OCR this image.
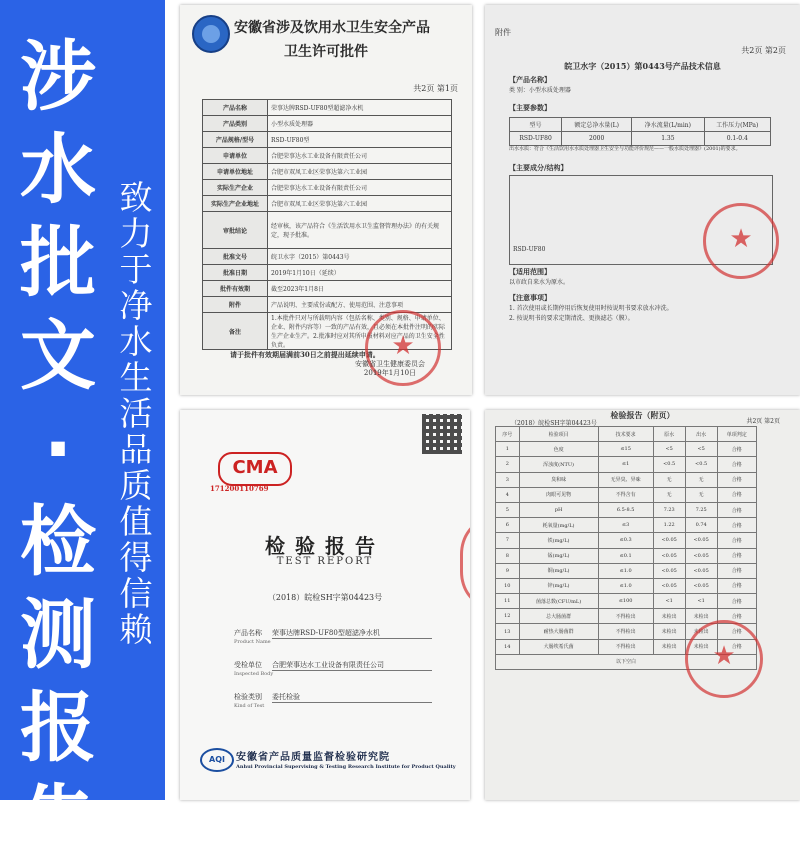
涉
水
批
文
·
检
测
报
告
致
力
于
净
水
生
活
品
质
值
得
信
赖
安徽省涉及饮用水卫生安全产品
卫生许可批件
共2页 第1页
产品名称	荣事达牌RSD-UF80型超滤净水机
产品类别	小型水质处理器
产品规格/型号	RSD-UF80型
申请单位	合肥荣事达水工业设备有限责任公司
申请单位地址	合肥市双凤工业区荣事达第六工业园
实际生产企业	合肥荣事达水工业设备有限责任公司
实际生产企业地址	合肥市双凤工业区荣事达第六工业园
审批结论	经审核，该产品符合《生活饮用水卫生监督管理办法》的有关规定，现予批准。
批准文号	皖卫水字（2015）第0443号
批准日期	2019年1月10日（延续）
批件有效期	截至2023年1月8日
附件	产品说明、主要成份或配方、使用范围、注意事项
备注	1.本批件只对与所载明内容（包括名称、类别、规格、申请单位、企业、附件内容等）一致的产品有效，且必须在本批件注明的实际生产企业生产。2.批准时应对其所申报材料对应产品的卫生安全性负责。
请于批件有效期届满前30日之前提出延续申请。
★
安徽省卫生健康委员会
2019年1月10日
附件
共2页 第2页
皖卫水字（2015）第0443号产品技术信息
【产品名称】
类 别：小型水质处理器
【主要参数】
型号	额定总净水量(L)	净水流量(L/min)	工作压力(MPa)
RSD-UF80	2000	1.35	0.1-0.4
出水水质：符合《生活饮用水水质处理器卫生安全与功能评价规范——一般水质处理器》(2001)的要求。
【主要成分/结构】
RSD-UF80
★
【适用范围】
以市政自来水为原水。
【注意事项】
1. 首次使用或长期停用后恢复使用时按说明书要求放水冲洗。
2. 按说明书的要求定期清洗、更换滤芯（膜）。
CMA
171200110769
检验报告
TEST REPORT
（2018）皖检SH字第04423号
产品名称
Product Name
荣事达牌RSD-UF80型超滤净水机
受检单位
Inspected Body
合肥荣事达水工业设备有限责任公司
检验类别
Kind of Test
委托检验
AQI	安徽省产品质量监督检验研究院
Anhui Provincial Supervising & Testing Research Institute for Product Quality
★
检验报告（附页）
（2018）皖检SH字第04423号	共2页 第2页
序号	检验项目	技术要求	原水	出水	单项判定
1	色度	≤15	<5	<5	合格
2	浑浊度(NTU)	≤1	<0.5	<0.5	合格
3	臭和味	无异臭、异味	无	无	合格
4	肉眼可见物	不得含有	无	无	合格
5	pH	6.5-8.5	7.23	7.25	合格
6	耗氧量(mg/L)	≤3	1.22	0.74	合格
7	铁(mg/L)	≤0.3	<0.05	<0.05	合格
8	锰(mg/L)	≤0.1	<0.05	<0.05	合格
9	铜(mg/L)	≤1.0	<0.05	<0.05	合格
10	锌(mg/L)	≤1.0	<0.05	<0.05	合格
11	菌落总数(CFU/mL)	≤100	<1	<1	合格
12	总大肠菌群	不得检出	未检出	未检出	合格
13	耐热大肠菌群	不得检出	未检出	未检出	合格
14	大肠埃希氏菌	不得检出	未检出	未检出	合格
以下空白					
★
